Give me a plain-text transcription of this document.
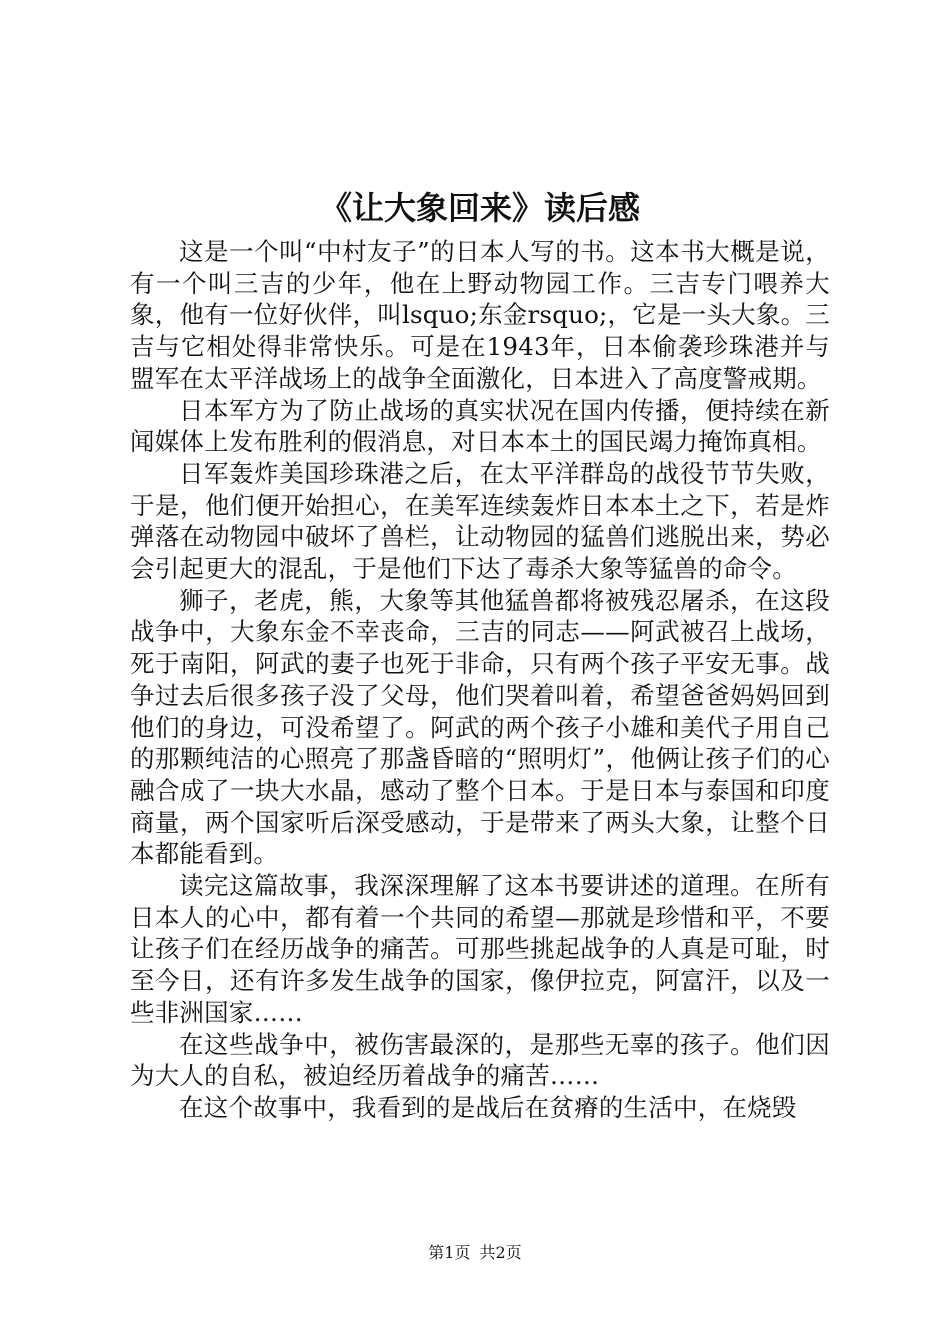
《让大象回来》读后感

这是一个叫“中村友子”的日本人写的书。这本书大概是说，有一个叫三吉的少年，他在上野动物园工作。三吉专门喂养大象，他有一位好伙伴，叫lsquo;东金rsquo;，它是一头大象。三吉与它相处得非常快乐。可是在1943年，日本偷袭珍珠港并与盟军在太平洋战场上的战争全面激化，日本进入了高度警戒期。

日本军方为了防止战场的真实状况在国内传播，便持续在新闻媒体上发布胜利的假消息，对日本本土的国民竭力掩饰真相。

日军轰炸美国珍珠港之后，在太平洋群岛的战役节节失败，于是，他们便开始担心，在美军连续轰炸日本本土之下，若是炸弹落在动物园中破坏了兽栏，让动物园的猛兽们逃脱出来，势必会引起更大的混乱，于是他们下达了毒杀大象等猛兽的命令。

狮子，老虎，熊，大象等其他猛兽都将被残忍屠杀，在这段战争中，大象东金不幸丧命，三吉的同志——阿武被召上战场，死于南阳，阿武的妻子也死于非命，只有两个孩子平安无事。战争过去后很多孩子没了父母，他们哭着叫着，希望爸爸妈妈回到他们的身边，可没希望了。阿武的两个孩子小雄和美代子用自己的那颗纯洁的心照亮了那盏昏暗的“照明灯”，他俩让孩子们的心融合成了一块大水晶，感动了整个日本。于是日本与泰国和印度商量，两个国家听后深受感动，于是带来了两头大象，让整个日本都能看到。

读完这篇故事，我深深理解了这本书要讲述的道理。在所有日本人的心中，都有着一个共同的希望—那就是珍惜和平，不要让孩子们在经历战争的痛苦。可那些挑起战争的人真是可耻，时至今日，还有许多发生战争的国家，像伊拉克，阿富汗，以及一些非洲国家……

在这些战争中，被伤害最深的，是那些无辜的孩子。他们因为大人的自私，被迫经历着战争的痛苦……

在这个故事中，我看到的是战后在贫瘠的生活中，在烧毁

第1页 共2页
